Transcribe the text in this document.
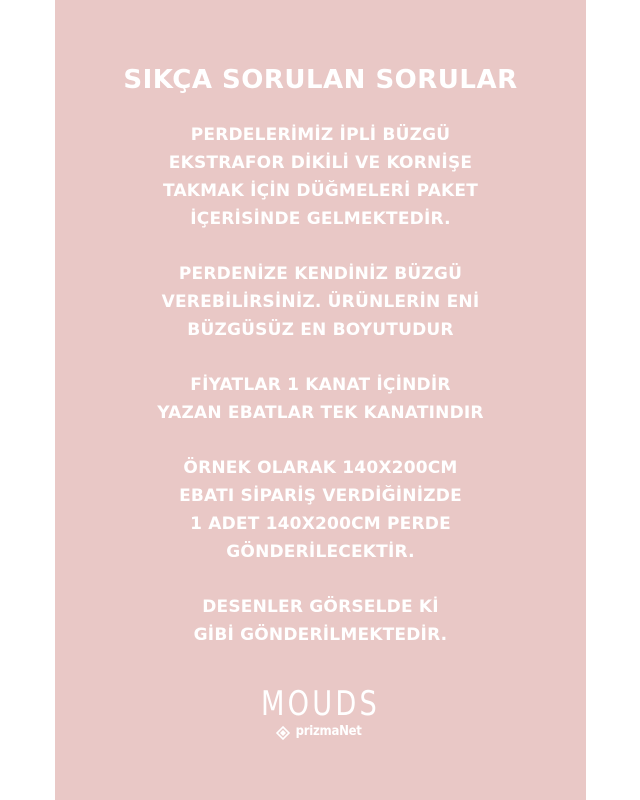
SIKÇA SORULAN SORULAR
PERDELERİMİZ İPLİ BÜZGÜ
EKSTRAFOR DİKİLİ VE KORNİŞE
TAKMAK İÇİN DÜĞMELERİ PAKET
İÇERİSİNDE GELMEKTEDİR.
PERDENİZE KENDİNİZ BÜZGÜ
VEREBİLİRSİNİZ. ÜRÜNLERİN ENİ
BÜZGÜSÜZ EN BOYUTUDUR
FİYATLAR 1 KANAT İÇİNDİR
YAZAN EBATLAR TEK KANATINDIR
ÖRNEK OLARAK 140X200CM
EBATI SİPARİŞ VERDİĞİNİZDE
1 ADET 140X200CM PERDE
GÖNDERİLECEKTİR.
DESENLER GÖRSELDE Kİ
GİBİ GÖNDERİLMEKTEDİR.
MOUDS
prizmaNet
